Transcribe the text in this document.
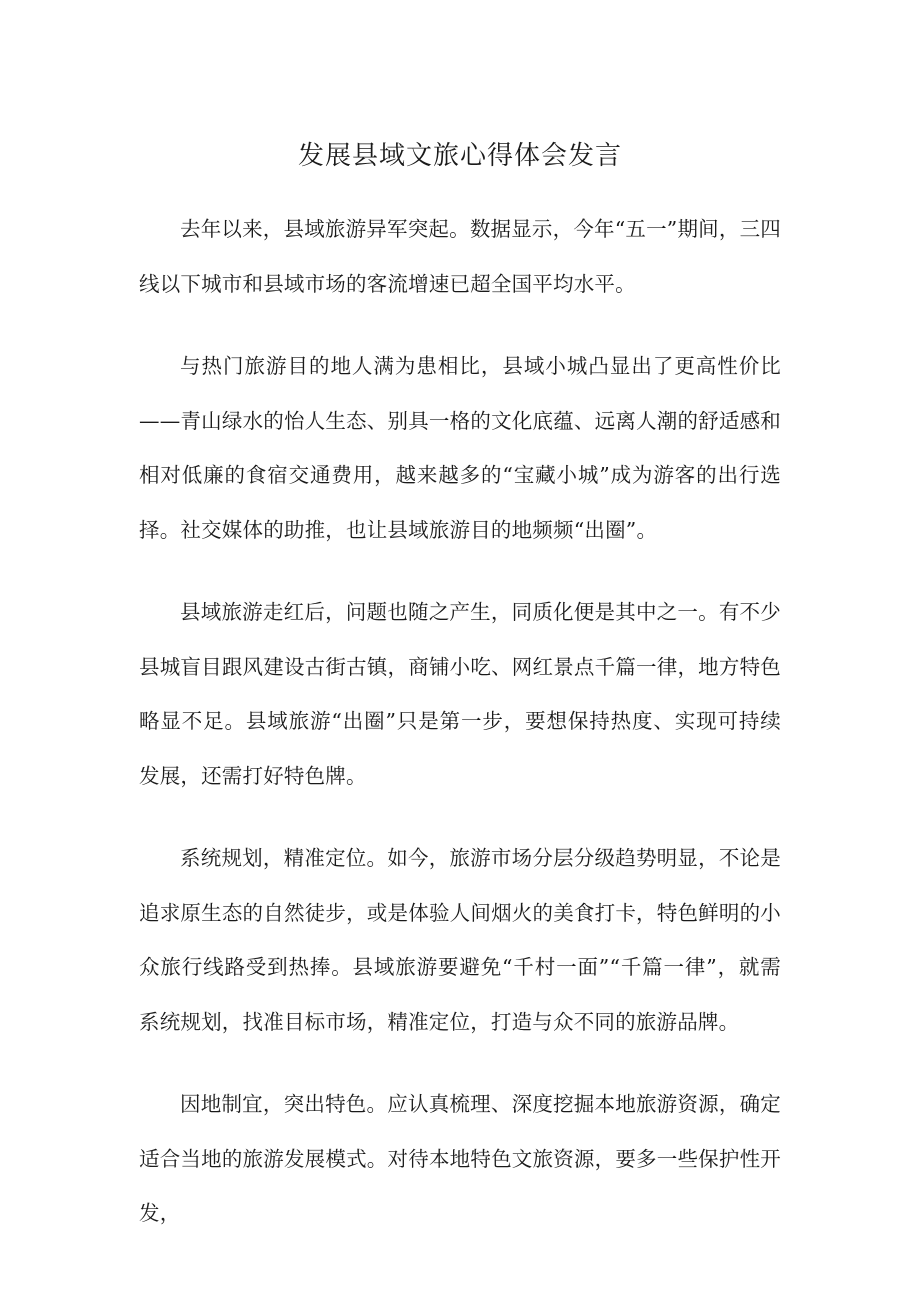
发展县域文旅心得体会发言

去年以来，县域旅游异军突起。数据显示，今年“五一”期间，三四线以下城市和县域市场的客流增速已超全国平均水平。

与热门旅游目的地人满为患相比，县域小城凸显出了更高性价比——青山绿水的怡人生态、别具一格的文化底蕴、远离人潮的舒适感和相对低廉的食宿交通费用，越来越多的“宝藏小城”成为游客的出行选择。社交媒体的助推，也让县域旅游目的地频频“出圈”。

县域旅游走红后，问题也随之产生，同质化便是其中之一。有不少县城盲目跟风建设古街古镇，商铺小吃、网红景点千篇一律，地方特色略显不足。县域旅游“出圈”只是第一步，要想保持热度、实现可持续发展，还需打好特色牌。

系统规划，精准定位。如今，旅游市场分层分级趋势明显，不论是追求原生态的自然徒步，或是体验人间烟火的美食打卡，特色鲜明的小众旅行线路受到热捧。县域旅游要避免“千村一面”“千篇一律”，就需系统规划，找准目标市场，精准定位，打造与众不同的旅游品牌。

因地制宜，突出特色。应认真梳理、深度挖掘本地旅游资源，确定适合当地的旅游发展模式。对待本地特色文旅资源，要多一些保护性开发，
